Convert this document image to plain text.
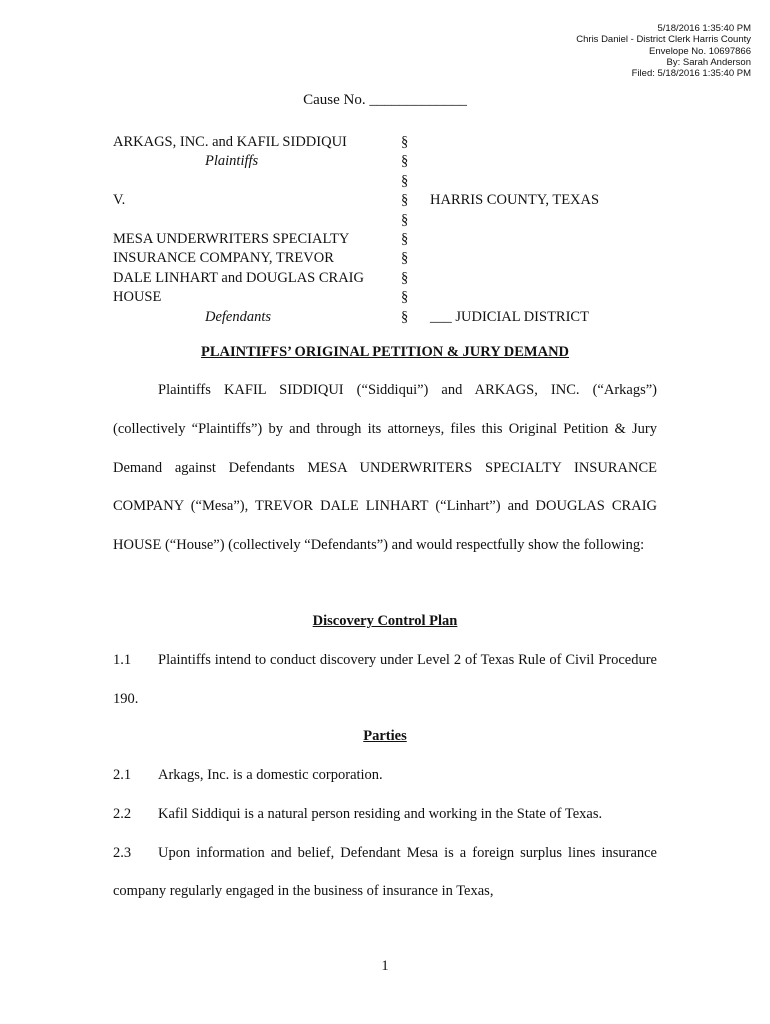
5/18/2016 1:35:40 PM
Chris Daniel - District Clerk Harris County
Envelope No. 10697866
By: Sarah Anderson
Filed: 5/18/2016 1:35:40 PM
Cause No. _____________
ARKAGS, INC. and KAFIL SIDDIQUI	§
Plaintiffs	§
§
V.	§ HARRIS COUNTY, TEXAS
§
MESA UNDERWRITERS SPECIALTY	§
INSURANCE COMPANY, TREVOR	§
DALE LINHART and DOUGLAS CRAIG	§
HOUSE	§
Defendants	§ ___ JUDICIAL DISTRICT
PLAINTIFFS’ ORIGINAL PETITION & JURY DEMAND
Plaintiffs KAFIL SIDDIQUI (“Siddiqui”) and ARKAGS, INC. (“Arkags”) (collectively “Plaintiffs”) by and through its attorneys, files this Original Petition & Jury Demand against Defendants MESA UNDERWRITERS SPECIALTY INSURANCE COMPANY (“Mesa”), TREVOR DALE LINHART (“Linhart”) and DOUGLAS CRAIG HOUSE (“House”) (collectively “Defendants”) and would respectfully show the following:
Discovery Control Plan
1.1 Plaintiffs intend to conduct discovery under Level 2 of Texas Rule of Civil Procedure 190.
Parties
2.1 Arkags, Inc. is a domestic corporation.
2.2 Kafil Siddiqui is a natural person residing and working in the State of Texas.
2.3 Upon information and belief, Defendant Mesa is a foreign surplus lines insurance company regularly engaged in the business of insurance in Texas,
1
